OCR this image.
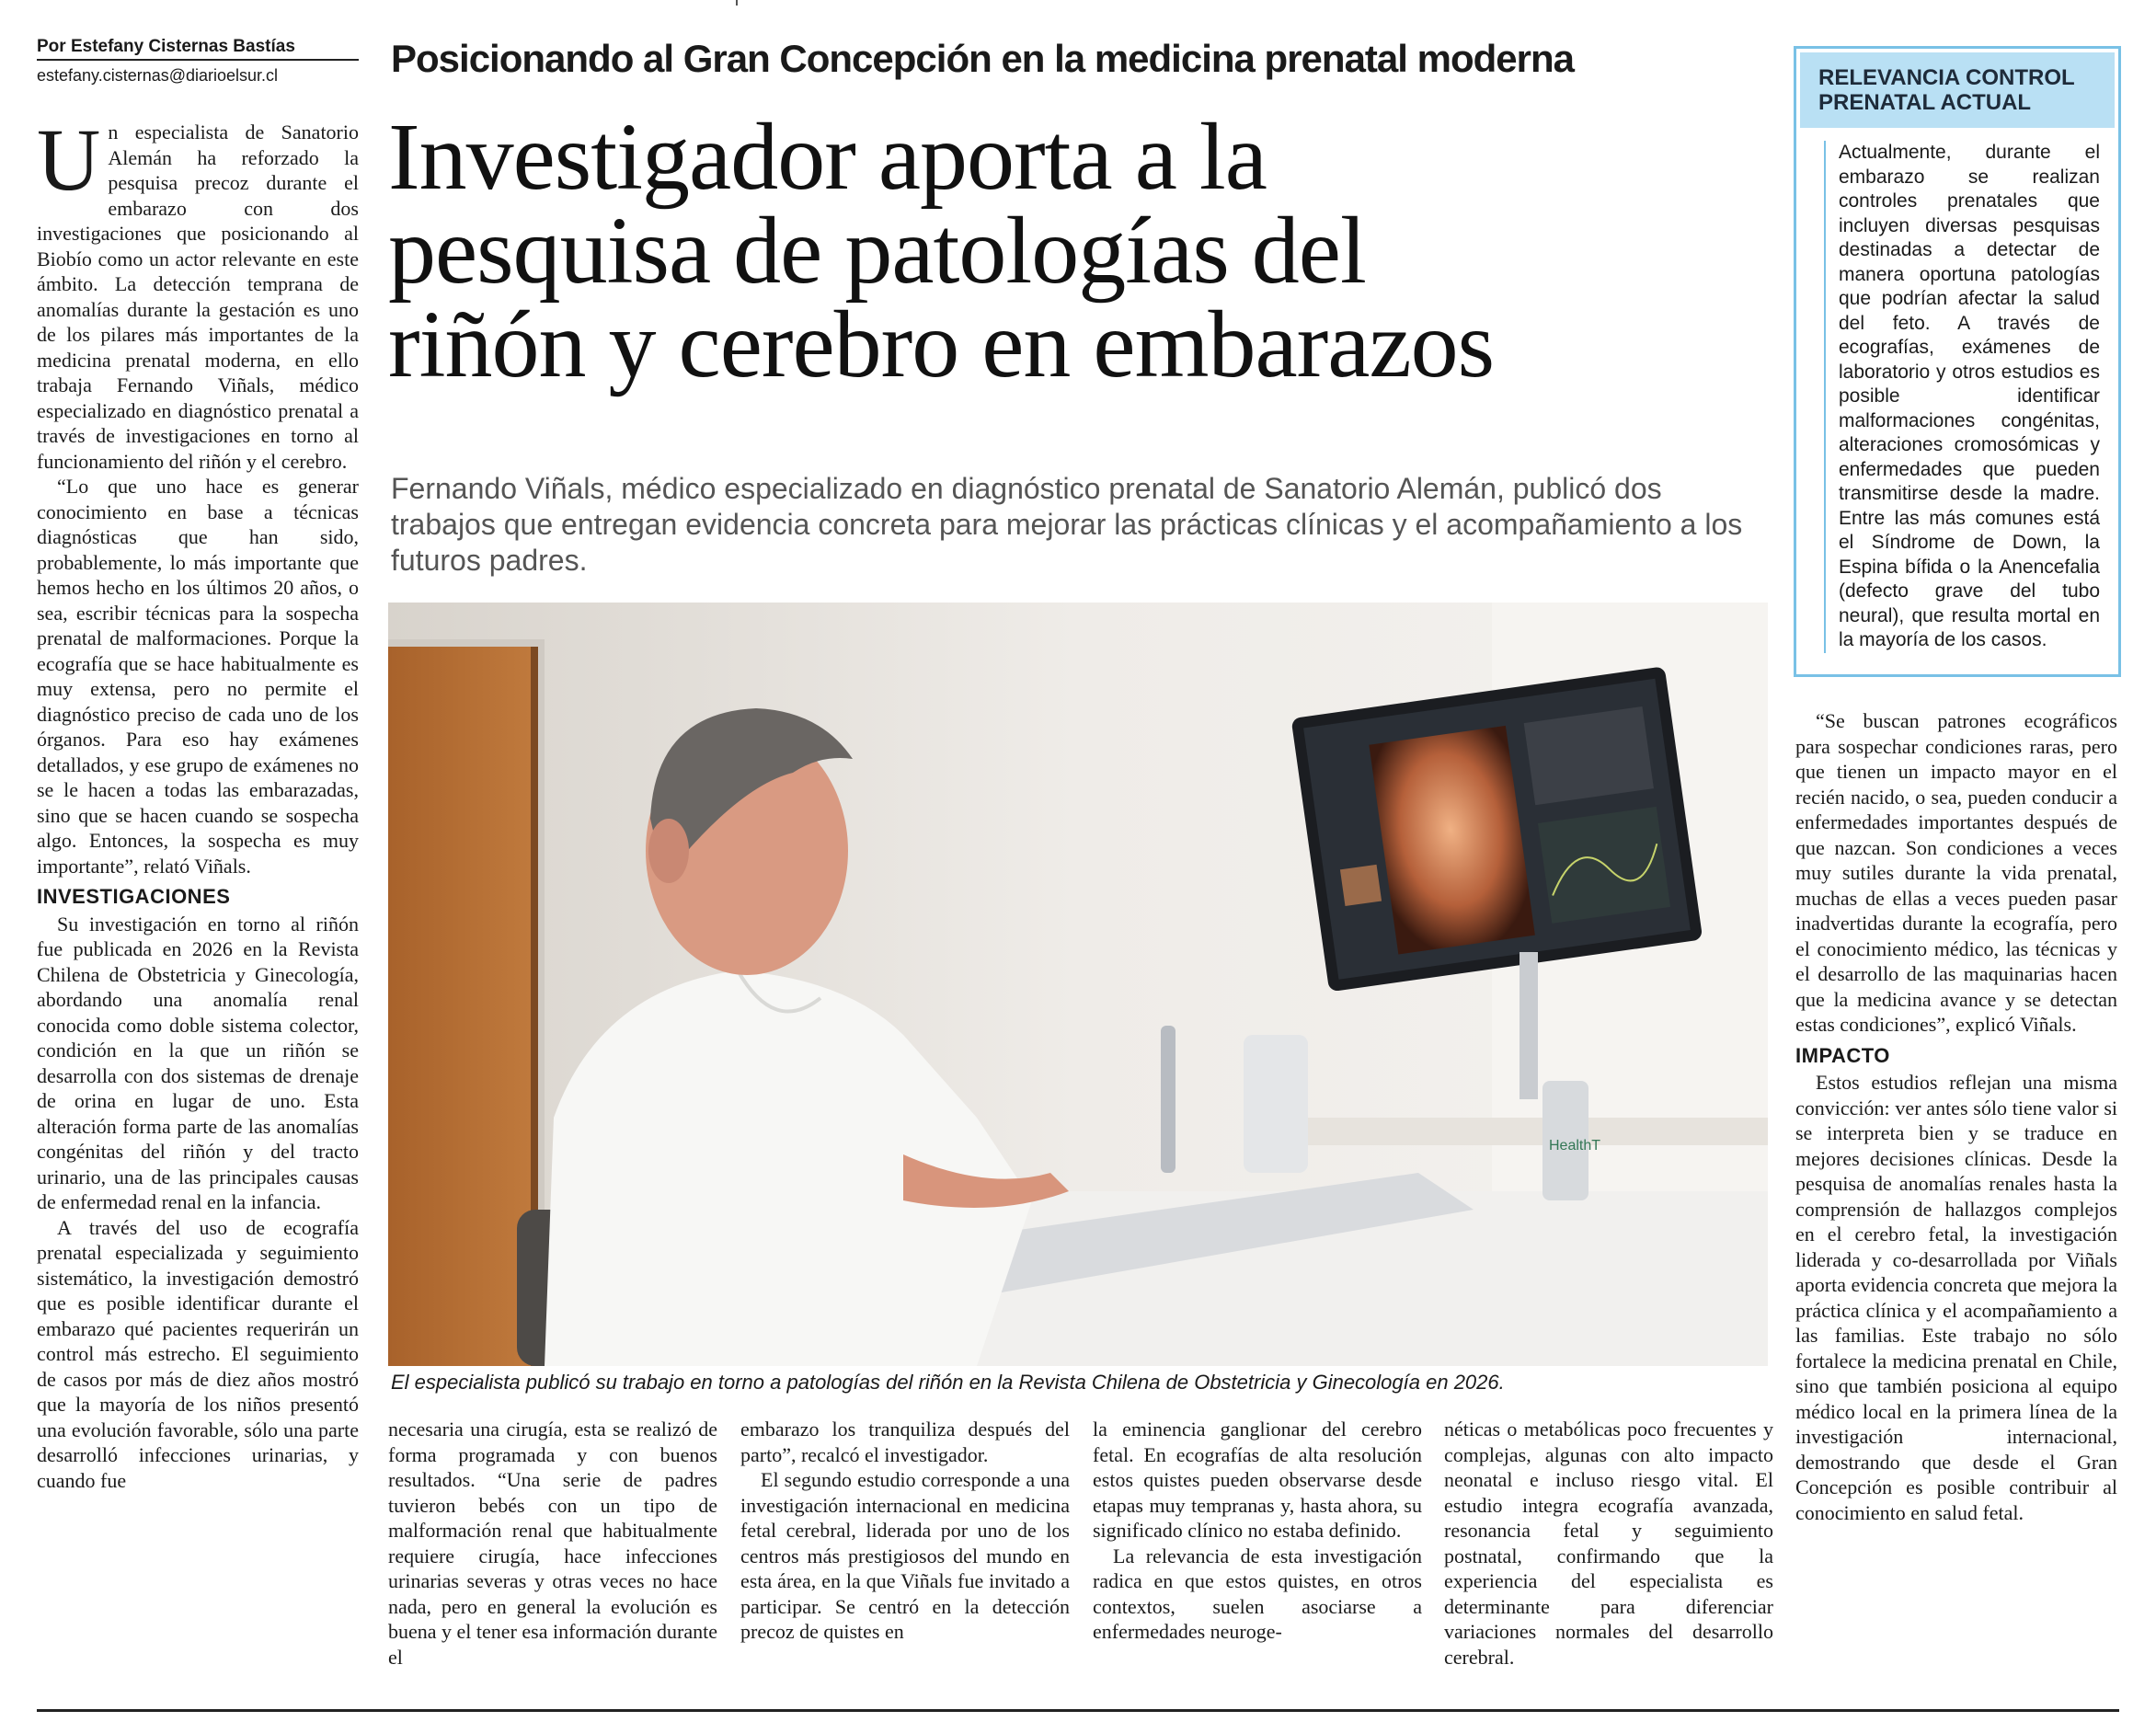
Por Estefany Cisternas Bastías
estefany.cisternas@diarioelsur.cl	Posicionando al Gran Concepción en la medicina prenatal moderna
Investigador aporta a la
pesquisa de patologías del
riñón y cerebro en embarazos
Fernando Viñals, médico especializado en diagnóstico prenatal de Sanatorio Alemán, publicó dos trabajos que entregan evidencia concreta para mejorar las prácticas clínicas y el acompañamiento a los futuros padres.

Un especialista de Sanatorio Alemán ha reforzado la pesquisa precoz durante el embarazo con dos investigaciones que posicionando al Biobío como un actor relevante en este ámbito. La detección temprana de anomalías durante la gestación es uno de los pilares más importantes de la medicina prenatal moderna, en ello trabaja Fernando Viñals, médico especializado en diagnóstico prenatal a través de investigaciones en torno al funcionamiento del riñón y el cerebro.

“Lo que uno hace es generar conocimiento en base a técnicas diagnósticas que han sido, probablemente, lo más importante que hemos hecho en los últimos 20 años, o sea, escribir técnicas para la sospecha prenatal de malformaciones. Porque la ecografía que se hace habitualmente es muy extensa, pero no permite el diagnóstico preciso de cada uno de los órganos. Para eso hay exámenes detallados, y ese grupo de exámenes no se le hacen a todas las embarazadas, sino que se hacen cuando se sospecha algo. Entonces, la sospecha es muy importante”, relató Viñals.

INVESTIGACIONES

Su investigación en torno al riñón fue publicada en 2026 en la Revista Chilena de Obstetricia y Ginecología, abordando una anomalía renal conocida como doble sistema colector, condición en la que un riñón se desarrolla con dos sistemas de drenaje de orina en lugar de uno. Esta alteración forma parte de las anomalías congénitas del riñón y del tracto urinario, una de las principales causas de enfermedad renal en la infancia.

A través del uso de ecografía prenatal especializada y seguimiento sistemático, la investigación demostró que es posible identificar durante el embarazo qué pacientes requerirán un control más estrecho. El seguimiento de casos por más de diez años mostró que la mayoría de los niños presentó una evolución favorable, sólo una parte desarrolló infecciones urinarias, y cuando fue

HealthT
El especialista publicó su trabajo en torno a patologías del riñón en la Revista Chilena de Obstetricia y Ginecología en 2026.

necesaria una cirugía, esta se realizó de forma programada y con buenos resultados. “Una serie de padres tuvieron bebés con un tipo de malformación renal que habitualmente requiere cirugía, hace infecciones urinarias severas y otras veces no hace nada, pero en general la evolución es buena y el tener esa información durante el

embarazo los tranquiliza después del parto”, recalcó el investigador.

El segundo estudio corresponde a una investigación internacional en medicina fetal cerebral, liderada por uno de los centros más prestigiosos del mundo en esta área, en la que Viñals fue invitado a participar. Se centró en la detección precoz de quistes en

la eminencia ganglionar del cerebro fetal. En ecografías de alta resolución estos quistes pueden observarse desde etapas muy tempranas y, hasta ahora, su significado clínico no estaba definido.

La relevancia de esta investigación radica en que estos quistes, en otros contextos, suelen asociarse a enfermedades neuroge-

néticas o metabólicas poco frecuentes y complejas, algunas con alto impacto neonatal e incluso riesgo vital. El estudio integra ecografía avanzada, resonancia fetal y seguimiento postnatal, confirmando que la experiencia del especialista es determinante para diferenciar variaciones normales del desarrollo cerebral.

RELEVANCIA CONTROL PRENATAL ACTUAL
Actualmente, durante el embarazo se realizan controles prenatales que incluyen diversas pesquisas destinadas a detectar de manera oportuna patologías que podrían afectar la salud del feto. A través de ecografías, exámenes de laboratorio y otros estudios es posible identificar malformaciones congénitas, alteraciones cromosómicas y enfermedades que pueden transmitirse desde la madre. Entre las más comunes está el Síndrome de Down, la Espina bífida o la Anencefalia (defecto grave del tubo neural), que resulta mortal en la mayoría de los casos.

“Se buscan patrones ecográficos para sospechar condiciones raras, pero que tienen un impacto mayor en el recién nacido, o sea, pueden conducir a enfermedades importantes después de que nazcan. Son condiciones a veces muy sutiles durante la vida prenatal, muchas de ellas a veces pueden pasar inadvertidas durante la ecografía, pero el conocimiento médico, las técnicas y el desarrollo de las maquinarias hacen que la medicina avance y se detectan estas condiciones”, explicó Viñals.

IMPACTO

Estos estudios reflejan una misma convicción: ver antes sólo tiene valor si se interpreta bien y se traduce en mejores decisiones clínicas. Desde la pesquisa de anomalías renales hasta la comprensión de hallazgos complejos en el cerebro fetal, la investigación liderada y co-desarrollada por Viñals aporta evidencia concreta que mejora la práctica clínica y el acompañamiento a las familias. Este trabajo no sólo fortalece la medicina prenatal en Chile, sino que también posiciona al equipo médico local en la primera línea de la investigación internacional, demostrando que desde el Gran Concepción es posible contribuir al conocimiento en salud fetal.
